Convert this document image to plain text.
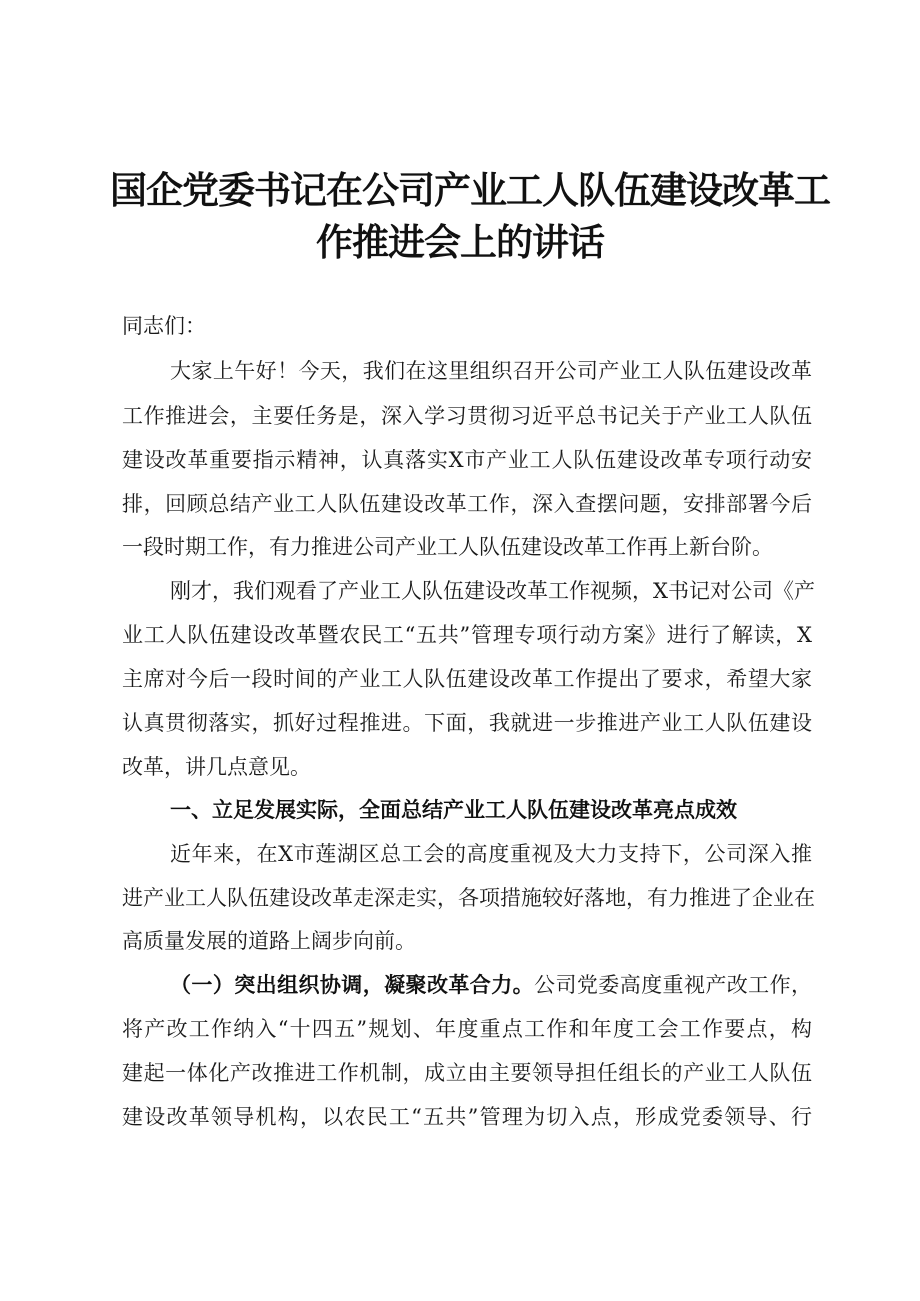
国企党委书记在公司产业工人队伍建设改革工
作推进会上的讲话

同志们：

大家上午好！今天，我们在这里组织召开公司产业工人队伍建设改革

工作推进会，主要任务是，深入学习贯彻习近平总书记关于产业工人队伍

建设改革重要指示精神，认真落实X市产业工人队伍建设改革专项行动安

排，回顾总结产业工人队伍建设改革工作，深入查摆问题，安排部署今后

一段时期工作，有力推进公司产业工人队伍建设改革工作再上新台阶。

刚才，我们观看了产业工人队伍建设改革工作视频，X书记对公司《产

业工人队伍建设改革暨农民工“五共”管理专项行动方案》进行了解读，X

主席对今后一段时间的产业工人队伍建设改革工作提出了要求，希望大家

认真贯彻落实，抓好过程推进。下面，我就进一步推进产业工人队伍建设

改革，讲几点意见。

一、立足发展实际，全面总结产业工人队伍建设改革亮点成效

近年来，在X市莲湖区总工会的高度重视及大力支持下，公司深入推

进产业工人队伍建设改革走深走实，各项措施较好落地，有力推进了企业在

高质量发展的道路上阔步向前。

（一）突出组织协调，凝聚改革合力。公司党委高度重视产改工作，

将产改工作纳入“十四五”规划、年度重点工作和年度工会工作要点，构

建起一体化产改推进工作机制，成立由主要领导担任组长的产业工人队伍

建设改革领导机构，以农民工“五共”管理为切入点，形成党委领导、行
